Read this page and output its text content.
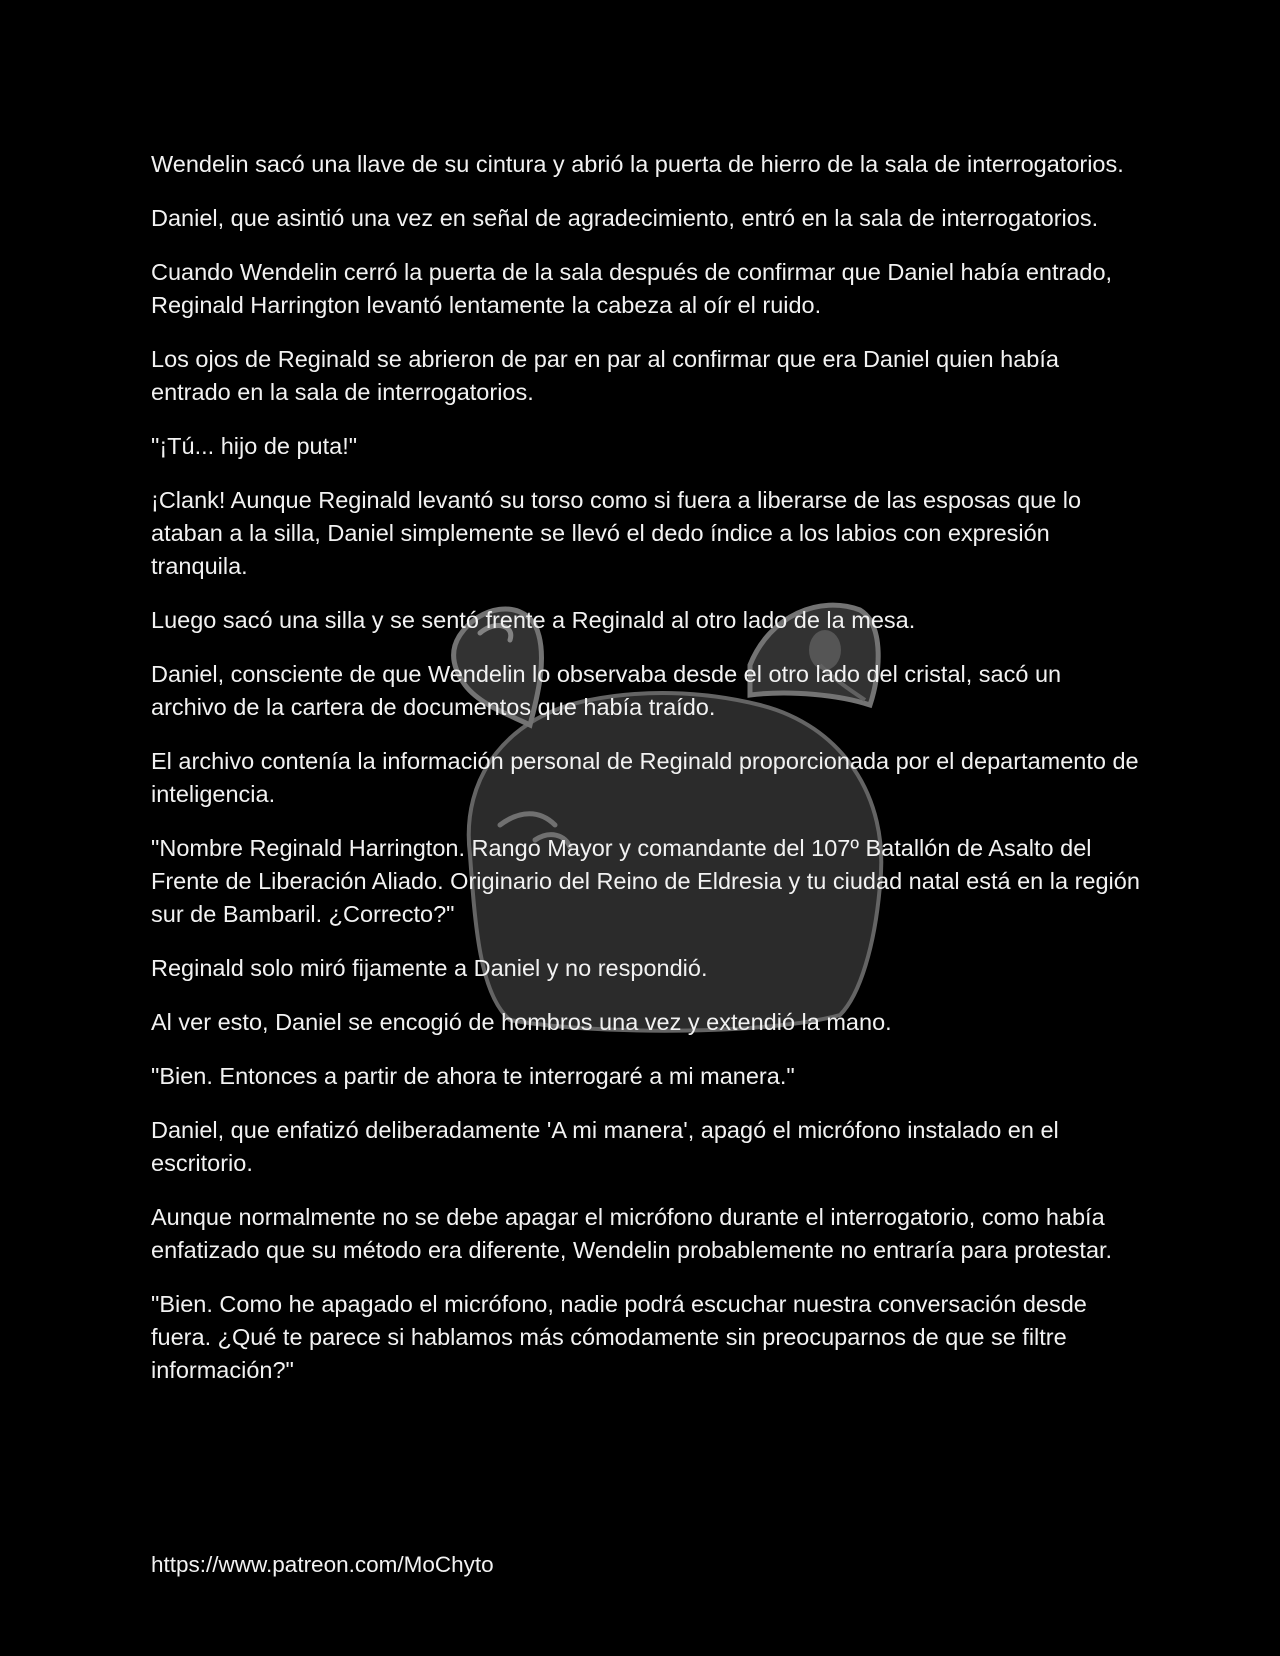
Wendelin sacó una llave de su cintura y abrió la puerta de hierro de la sala de interrogatorios.

Daniel, que asintió una vez en señal de agradecimiento, entró en la sala de interrogatorios.

Cuando Wendelin cerró la puerta de la sala después de confirmar que Daniel había entrado, Reginald Harrington levantó lentamente la cabeza al oír el ruido.

Los ojos de Reginald se abrieron de par en par al confirmar que era Daniel quien había entrado en la sala de interrogatorios.

"¡Tú... hijo de puta!"

¡Clank! Aunque Reginald levantó su torso como si fuera a liberarse de las esposas que lo ataban a la silla, Daniel simplemente se llevó el dedo índice a los labios con expresión tranquila.

Luego sacó una silla y se sentó frente a Reginald al otro lado de la mesa.

Daniel, consciente de que Wendelin lo observaba desde el otro lado del cristal, sacó un archivo de la cartera de documentos que había traído.

El archivo contenía la información personal de Reginald proporcionada por el departamento de inteligencia.

"Nombre Reginald Harrington. Rango Mayor y comandante del 107º Batallón de Asalto del Frente de Liberación Aliado. Originario del Reino de Eldresia y tu ciudad natal está en la región sur de Bambaril. ¿Correcto?"

Reginald solo miró fijamente a Daniel y no respondió.

Al ver esto, Daniel se encogió de hombros una vez y extendió la mano.

"Bien. Entonces a partir de ahora te interrogaré a mi manera."

Daniel, que enfatizó deliberadamente 'A mi manera', apagó el micrófono instalado en el escritorio.

Aunque normalmente no se debe apagar el micrófono durante el interrogatorio, como había enfatizado que su método era diferente, Wendelin probablemente no entraría para protestar.

"Bien. Como he apagado el micrófono, nadie podrá escuchar nuestra conversación desde fuera. ¿Qué te parece si hablamos más cómodamente sin preocuparnos de que se filtre información?"

https://www.patreon.com/MoChyto
